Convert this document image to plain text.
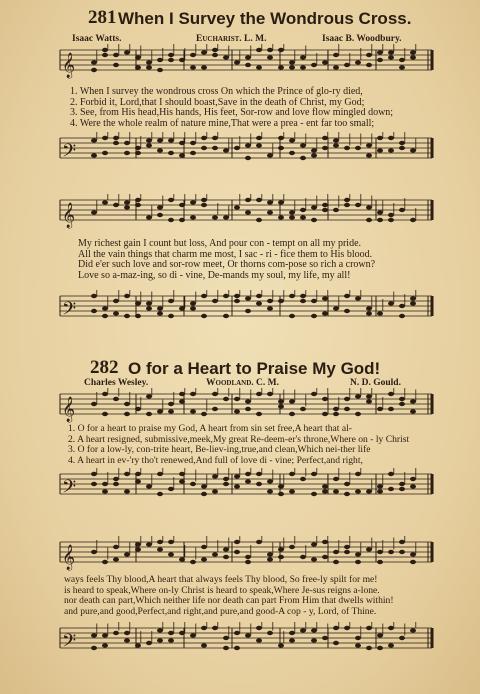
281 When I Survey the Wondrous Cross.
Isaac Watts.	Eucharist. L. M.	Isaac B. Woodbury.
𝄞
1. When I survey the wondrous cross On which the Prince of glo-ry died,
2. Forbid it, Lord,that I should boast,Save in the death of Christ, my God;
3. See, from His head,His hands, His feet, Sor-row and love flow mingled down;
4. Were the whole realm of nature mine,That were a prea - ent far too small;
𝄢
𝄞
My richest gain I count but loss, And pour con - tempt on all my pride.
All the vain things that charm me most, I sac - ri - fice them to His blood.
Did e'er such love and sor-row meet, Or thorns com-pose so rich a crown?
Love so a-maz-ing, so di - vine, De-mands my soul, my life, my all!
𝄢
282 O for a Heart to Praise My God!
Charles Wesley.	Woodland. C. M.	N. D. Gould.
𝄞
1. O for a heart to praise my God, A heart from sin set free,A heart that al-
2. A heart resigned, submissive,meek,My great Re-deem-er's throne,Where on - ly Christ
3. O for a low-ly, con-trite heart, Be-liev-ing,true,and clean,Which nei-ther life
4. A heart in ev-'ry tho't renewed,And full of love di - vine; Perfect,and right,
𝄢
𝄞
ways feels Thy blood,A heart that always feels Thy blood, So free-ly spilt for me!
is heard to speak,Where on-ly Christ is heard to speak,Where Je-sus reigns a-lone.
nor death can part,Which neither life nor death can part From Him that dwells within!
and pure,and good,Perfect,and right,and pure,and good-A cop - y, Lord, of Thine.
𝄢
